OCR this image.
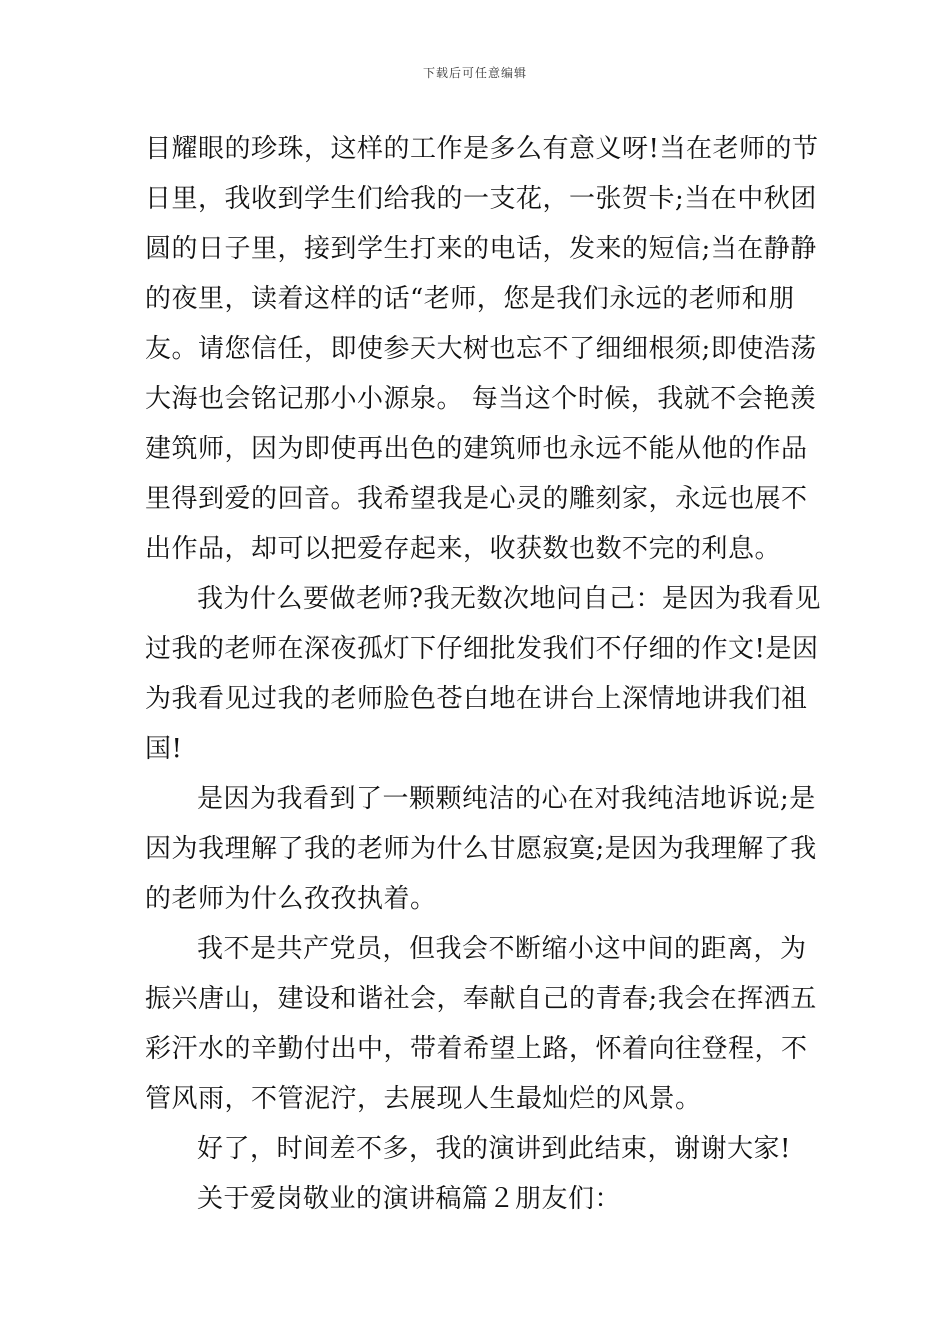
下载后可任意编辑
目耀眼的珍珠，这样的工作是多么有意义呀!当在老师的节
日里，我收到学生们给我的一支花，一张贺卡;当在中秋团
圆的日子里，接到学生打来的电话，发来的短信;当在静静
的夜里，读着这样的话“老师，您是我们永远的老师和朋
友。请您信任，即使参天大树也忘不了细细根须;即使浩荡
大海也会铭记那小小源泉。 每当这个时候，我就不会艳羡
建筑师，因为即使再出色的建筑师也永远不能从他的作品
里得到爱的回音。我希望我是心灵的雕刻家，永远也展不
出作品，却可以把爱存起来，收获数也数不完的利息。
我为什么要做老师?我无数次地问自己：是因为我看见
过我的老师在深夜孤灯下仔细批发我们不仔细的作文!是因
为我看见过我的老师脸色苍白地在讲台上深情地讲我们祖
国!
是因为我看到了一颗颗纯洁的心在对我纯洁地诉说;是
因为我理解了我的老师为什么甘愿寂寞;是因为我理解了我
的老师为什么孜孜执着。
我不是共产党员，但我会不断缩小这中间的距离，为
振兴唐山，建设和谐社会，奉献自己的青春;我会在挥洒五
彩汗水的辛勤付出中，带着希望上路，怀着向往登程，不
管风雨，不管泥泞，去展现人生最灿烂的风景。
好了，时间差不多，我的演讲到此结束，谢谢大家!
关于爱岗敬业的演讲稿篇２朋友们：
